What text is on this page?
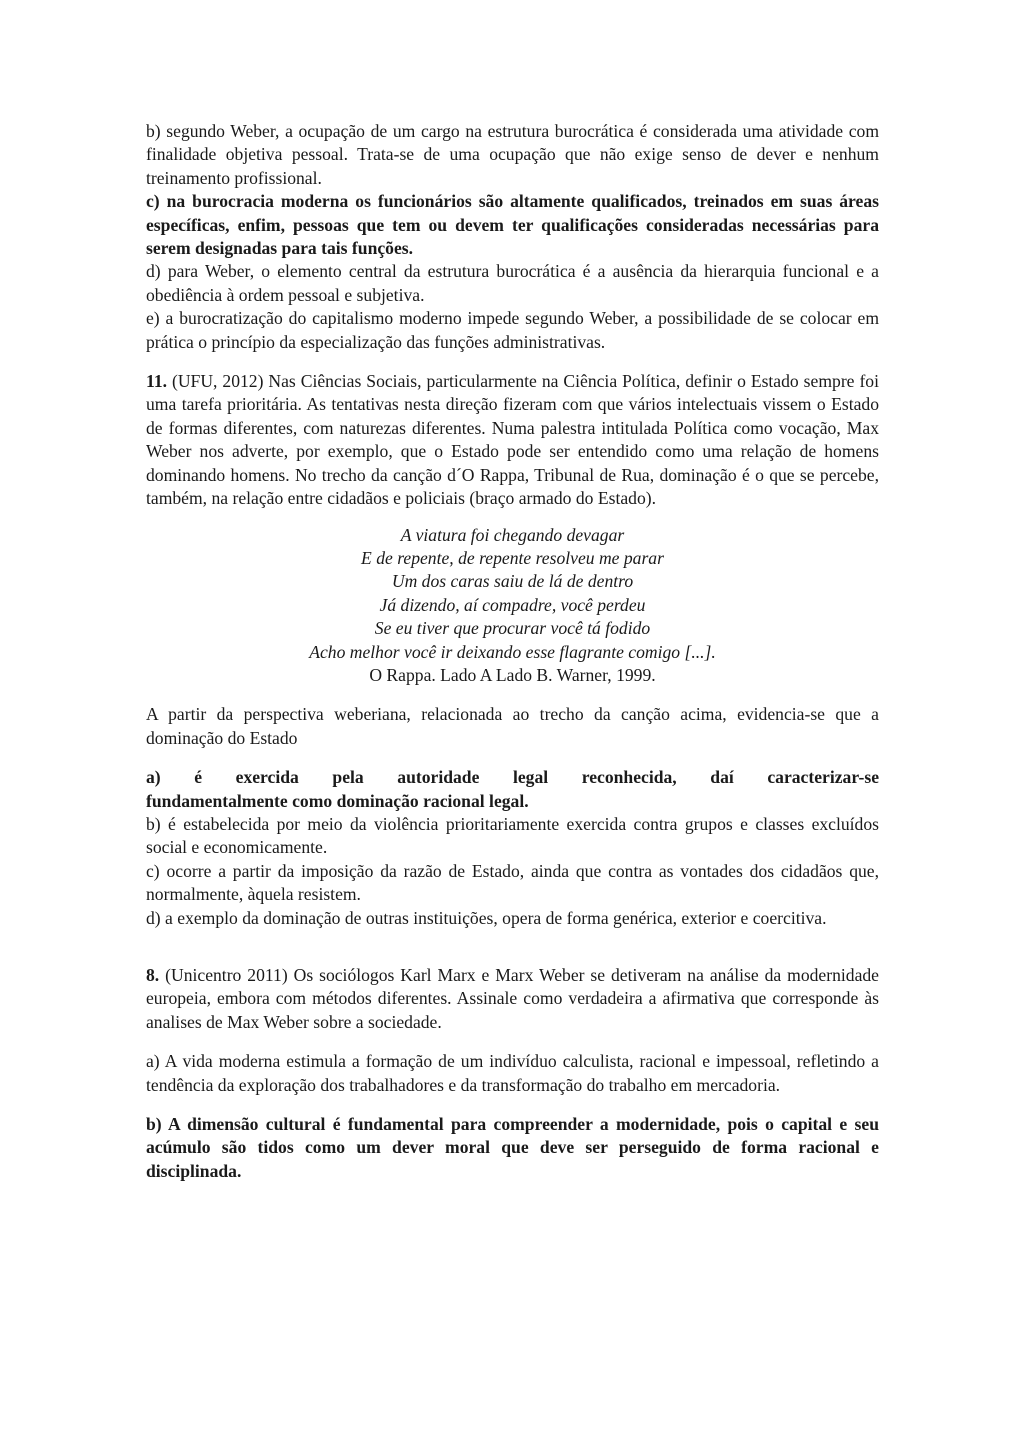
b) segundo Weber, a ocupação de um cargo na estrutura burocrática é considerada uma atividade com finalidade objetiva pessoal. Trata-se de uma ocupação que não exige senso de dever e nenhum treinamento profissional.

c) na burocracia moderna os funcionários são altamente qualificados, treinados em suas áreas específicas, enfim, pessoas que tem ou devem ter qualificações consideradas necessárias para serem designadas para tais funções.

d) para Weber, o elemento central da estrutura burocrática é a ausência da hierarquia funcional e a obediência à ordem pessoal e subjetiva.

e) a burocratização do capitalismo moderno impede segundo Weber, a possibilidade de se colocar em prática o princípio da especialização das funções administrativas.

11. (UFU, 2012) Nas Ciências Sociais, particularmente na Ciência Política, definir o Estado sempre foi uma tarefa prioritária. As tentativas nesta direção fizeram com que vários intelectuais vissem o Estado de formas diferentes, com naturezas diferentes. Numa palestra intitulada Política como vocação, Max Weber nos adverte, por exemplo, que o Estado pode ser entendido como uma relação de homens dominando homens. No trecho da canção d´O Rappa, Tribunal de Rua, dominação é o que se percebe, também, na relação entre cidadãos e policiais (braço armado do Estado).

A viatura foi chegando devagar
E de repente, de repente resolveu me parar
Um dos caras saiu de lá de dentro
Já dizendo, aí compadre, você perdeu
Se eu tiver que procurar você tá fodido
Acho melhor você ir deixando esse flagrante comigo [...].
O Rappa. Lado A Lado B. Warner, 1999.

A partir da perspectiva weberiana, relacionada ao trecho da canção acima, evidencia-se que a dominação do Estado

a) é exercida pela autoridade legal reconhecida, daí caracterizar-se

fundamentalmente como dominação racional legal.

b) é estabelecida por meio da violência prioritariamente exercida contra grupos e classes excluídos social e economicamente.

c) ocorre a partir da imposição da razão de Estado, ainda que contra as vontades dos cidadãos que, normalmente, àquela resistem.

d) a exemplo da dominação de outras instituições, opera de forma genérica, exterior e coercitiva.

8. (Unicentro 2011) Os sociólogos Karl Marx e Marx Weber se detiveram na análise da modernidade europeia, embora com métodos diferentes. Assinale como verdadeira a afirmativa que corresponde às analises de Max Weber sobre a sociedade.

a) A vida moderna estimula a formação de um indivíduo calculista, racional e impessoal, refletindo a tendência da exploração dos trabalhadores e da transformação do trabalho em mercadoria.

b) A dimensão cultural é fundamental para compreender a modernidade, pois o capital e seu acúmulo são tidos como um dever moral que deve ser perseguido de forma racional e disciplinada.
